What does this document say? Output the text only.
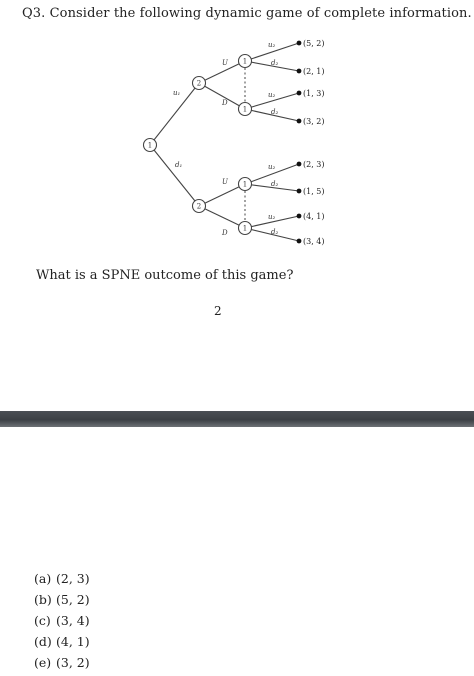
Q3. Consider the following dynamic game of complete information.
1
2
2
1
1
1
1
u₁
d₁
U
D
U
D
u₂
d₂
u₂
d₂
u₂
d₂
u₂
d₂
(5, 2)
(2, 1)
(1, 3)
(3, 2)
(2, 3)
(1, 5)
(4, 1)
(3, 4)
What is a SPNE outcome of this game?
2
(a) (2, 3)
(b) (5, 2)
(c) (3, 4)
(d) (4, 1)
(e) (3, 2)
